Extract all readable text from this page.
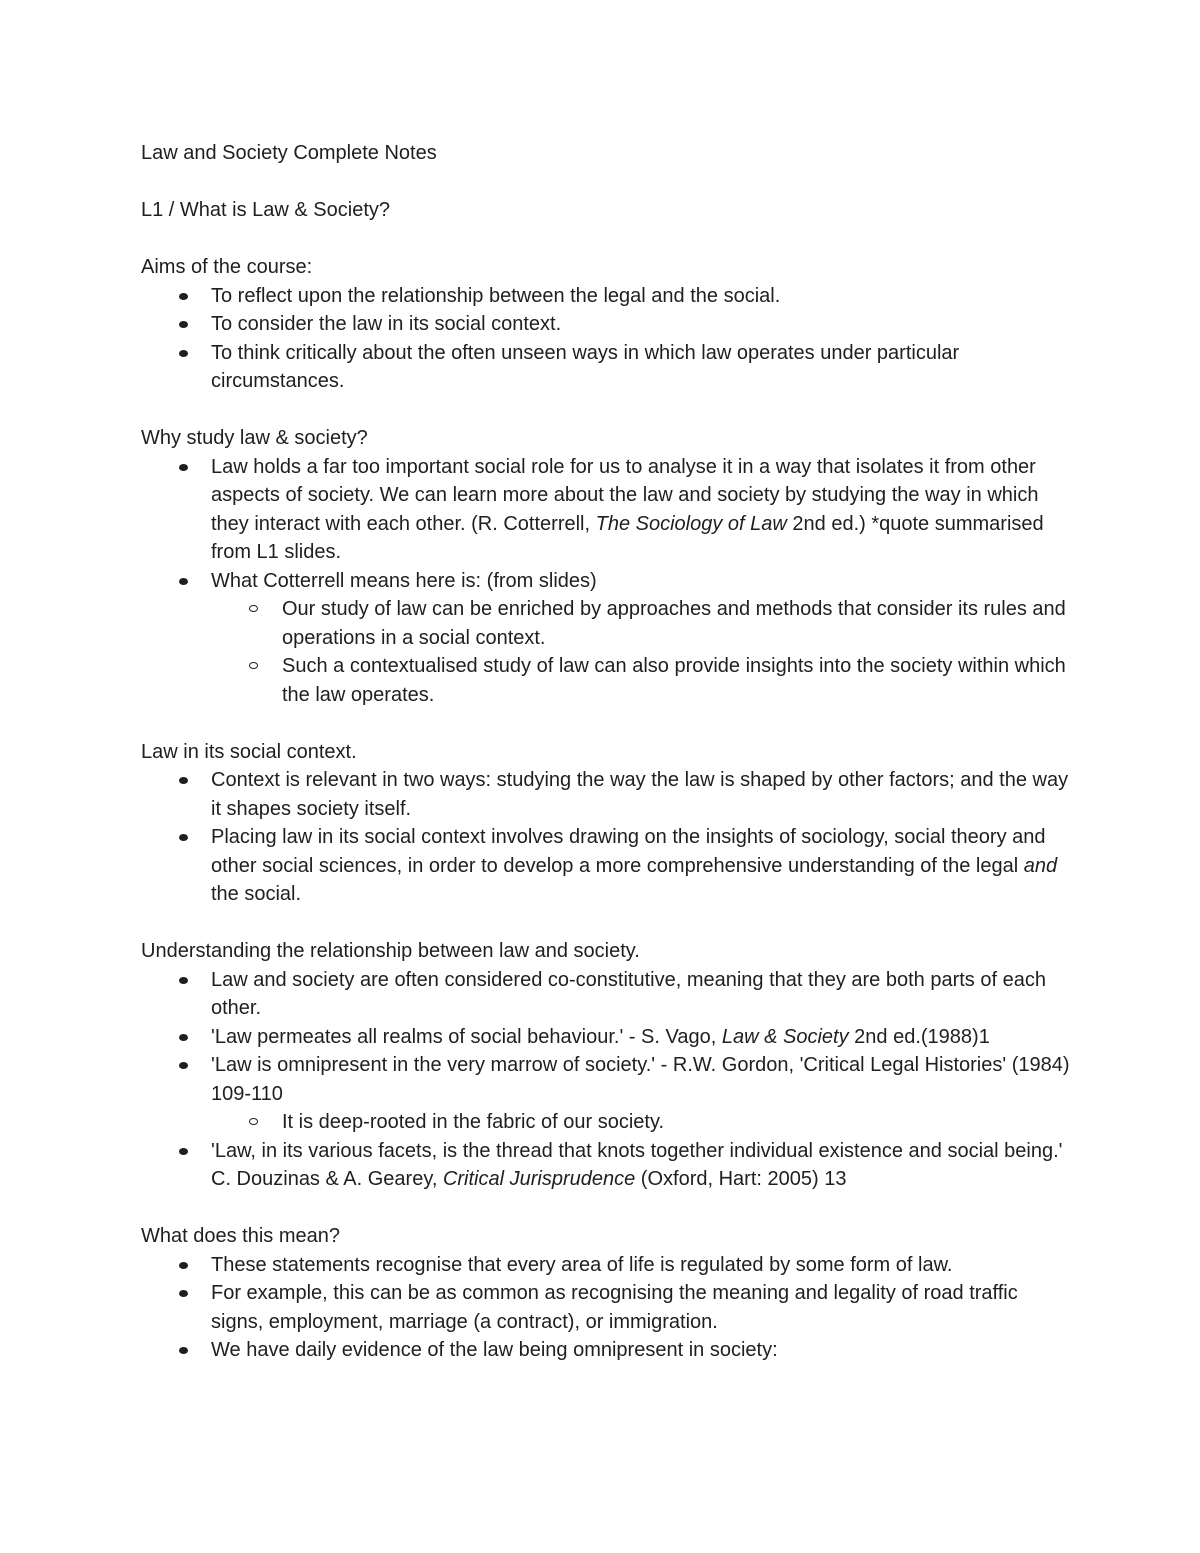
Law and Society Complete Notes
L1 / What is Law & Society?
Aims of the course:
To reflect upon the relationship between the legal and the social.
To consider the law in its social context.
To think critically about the often unseen ways in which law operates under particular circumstances.
Why study law & society?
Law holds a far too important social role for us to analyse it in a way that isolates it from other aspects of society. We can learn more about the law and society by studying the way in which they interact with each other. (R. Cotterrell, The Sociology of Law 2nd ed.) *quote summarised from L1 slides.
What Cotterrell means here is: (from slides)
Our study of law can be enriched by approaches and methods that consider its rules and operations in a social context.
Such a contextualised study of law can also provide insights into the society within which the law operates.
Law in its social context.
Context is relevant in two ways: studying the way the law is shaped by other factors; and the way it shapes society itself.
Placing law in its social context involves drawing on the insights of sociology, social theory and other social sciences, in order to develop a more comprehensive understanding of the legal and the social.
Understanding the relationship between law and society.
Law and society are often considered co-constitutive, meaning that they are both parts of each other.
'Law permeates all realms of social behaviour.' - S. Vago, Law & Society 2nd ed.(1988)1
'Law is omnipresent in the very marrow of society.' - R.W. Gordon, 'Critical Legal Histories' (1984) 109-110
It is deep-rooted in the fabric of our society.
'Law, in its various facets, is the thread that knots together individual existence and social being.' C. Douzinas & A. Gearey, Critical Jurisprudence (Oxford, Hart: 2005) 13
What does this mean?
These statements recognise that every area of life is regulated by some form of law.
For example, this can be as common as recognising the meaning and legality of road traffic signs, employment, marriage (a contract), or immigration.
We have daily evidence of the law being omnipresent in society:
